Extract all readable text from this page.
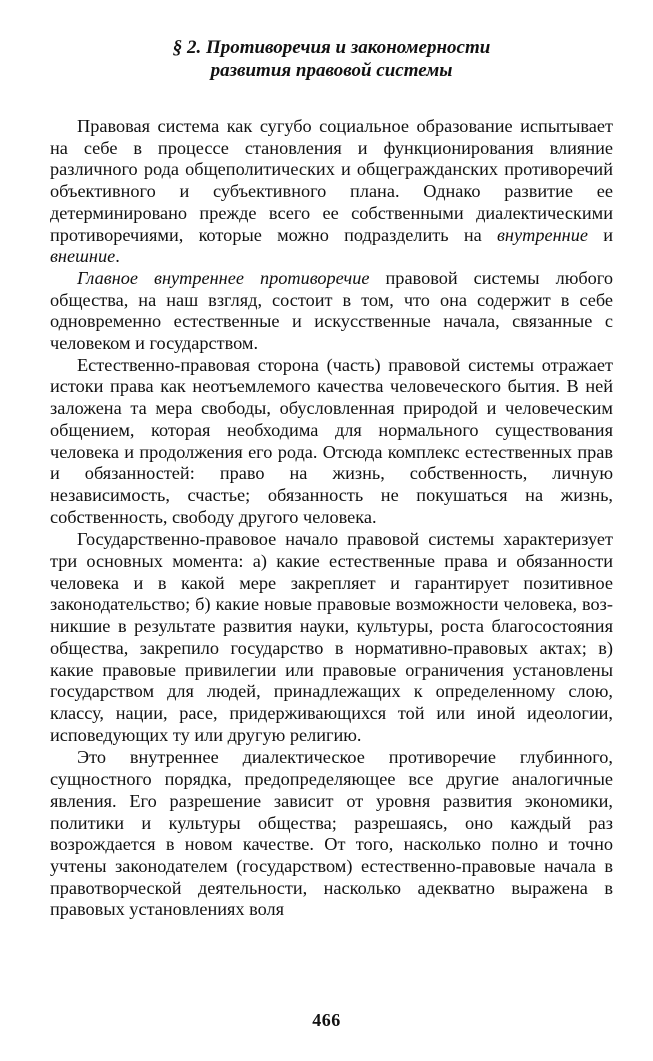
§ 2. Противоречия и закономерности
развития правовой системы

Правовая система как сугубо социальное образование испытывает на себе в процессе становления и функционирования влияние различного рода общеполитических и общегражданских противоречий объективного и субъективного плана. Однако развитие ее детерминировано прежде всего ее собственными диалектическими противоречиями, которые можно подразделить на внутренние и внешние.

Главное внутреннее противоречие правовой системы любого общества, на наш взгляд, состоит в том, что она содержит в себе одновременно естественные и искусственные начала, связанные с человеком и государством.

Естественно-правовая сторона (часть) правовой системы отражает истоки права как неотъемлемого качества человеческого бытия. В ней заложена та мера свободы, обусловленная природой и человеческим общением, которая необходима для нормального существования человека и продолжения его рода. Отсюда комплекс естественных прав и обязанностей: право на жизнь, собственность, личную независимость, счастье; обязанность не покушаться на жизнь, собственность, свободу другого человека.

Государственно-правовое начало правовой системы характеризует три основных момента: а) какие естественные права и обязанности человека и в какой мере закрепляет и гарантирует позитивное законодательство; б) какие новые правовые возможности человека, возникшие в результате развития науки, культуры, роста благосостояния общества, закрепило государство в нормативно-правовых актах; в) какие правовые привилегии или правовые ограничения установлены государством для людей, принадлежащих к определенному слою, классу, нации, расе, придерживающихся той или иной идеологии, исповедующих ту или другую религию.

Это внутреннее диалектическое противоречие глубинного, сущностного порядка, предопределяющее все другие аналогичные явления. Его разрешение зависит от уровня развития экономики, политики и культуры общества; разрешаясь, оно каждый раз возрождается в новом качестве. От того, насколько полно и точно учтены законодателем (государством) естественно-правовые начала в правотворческой деятельности, насколько адекватно выражена в правовых установлениях воля

466
